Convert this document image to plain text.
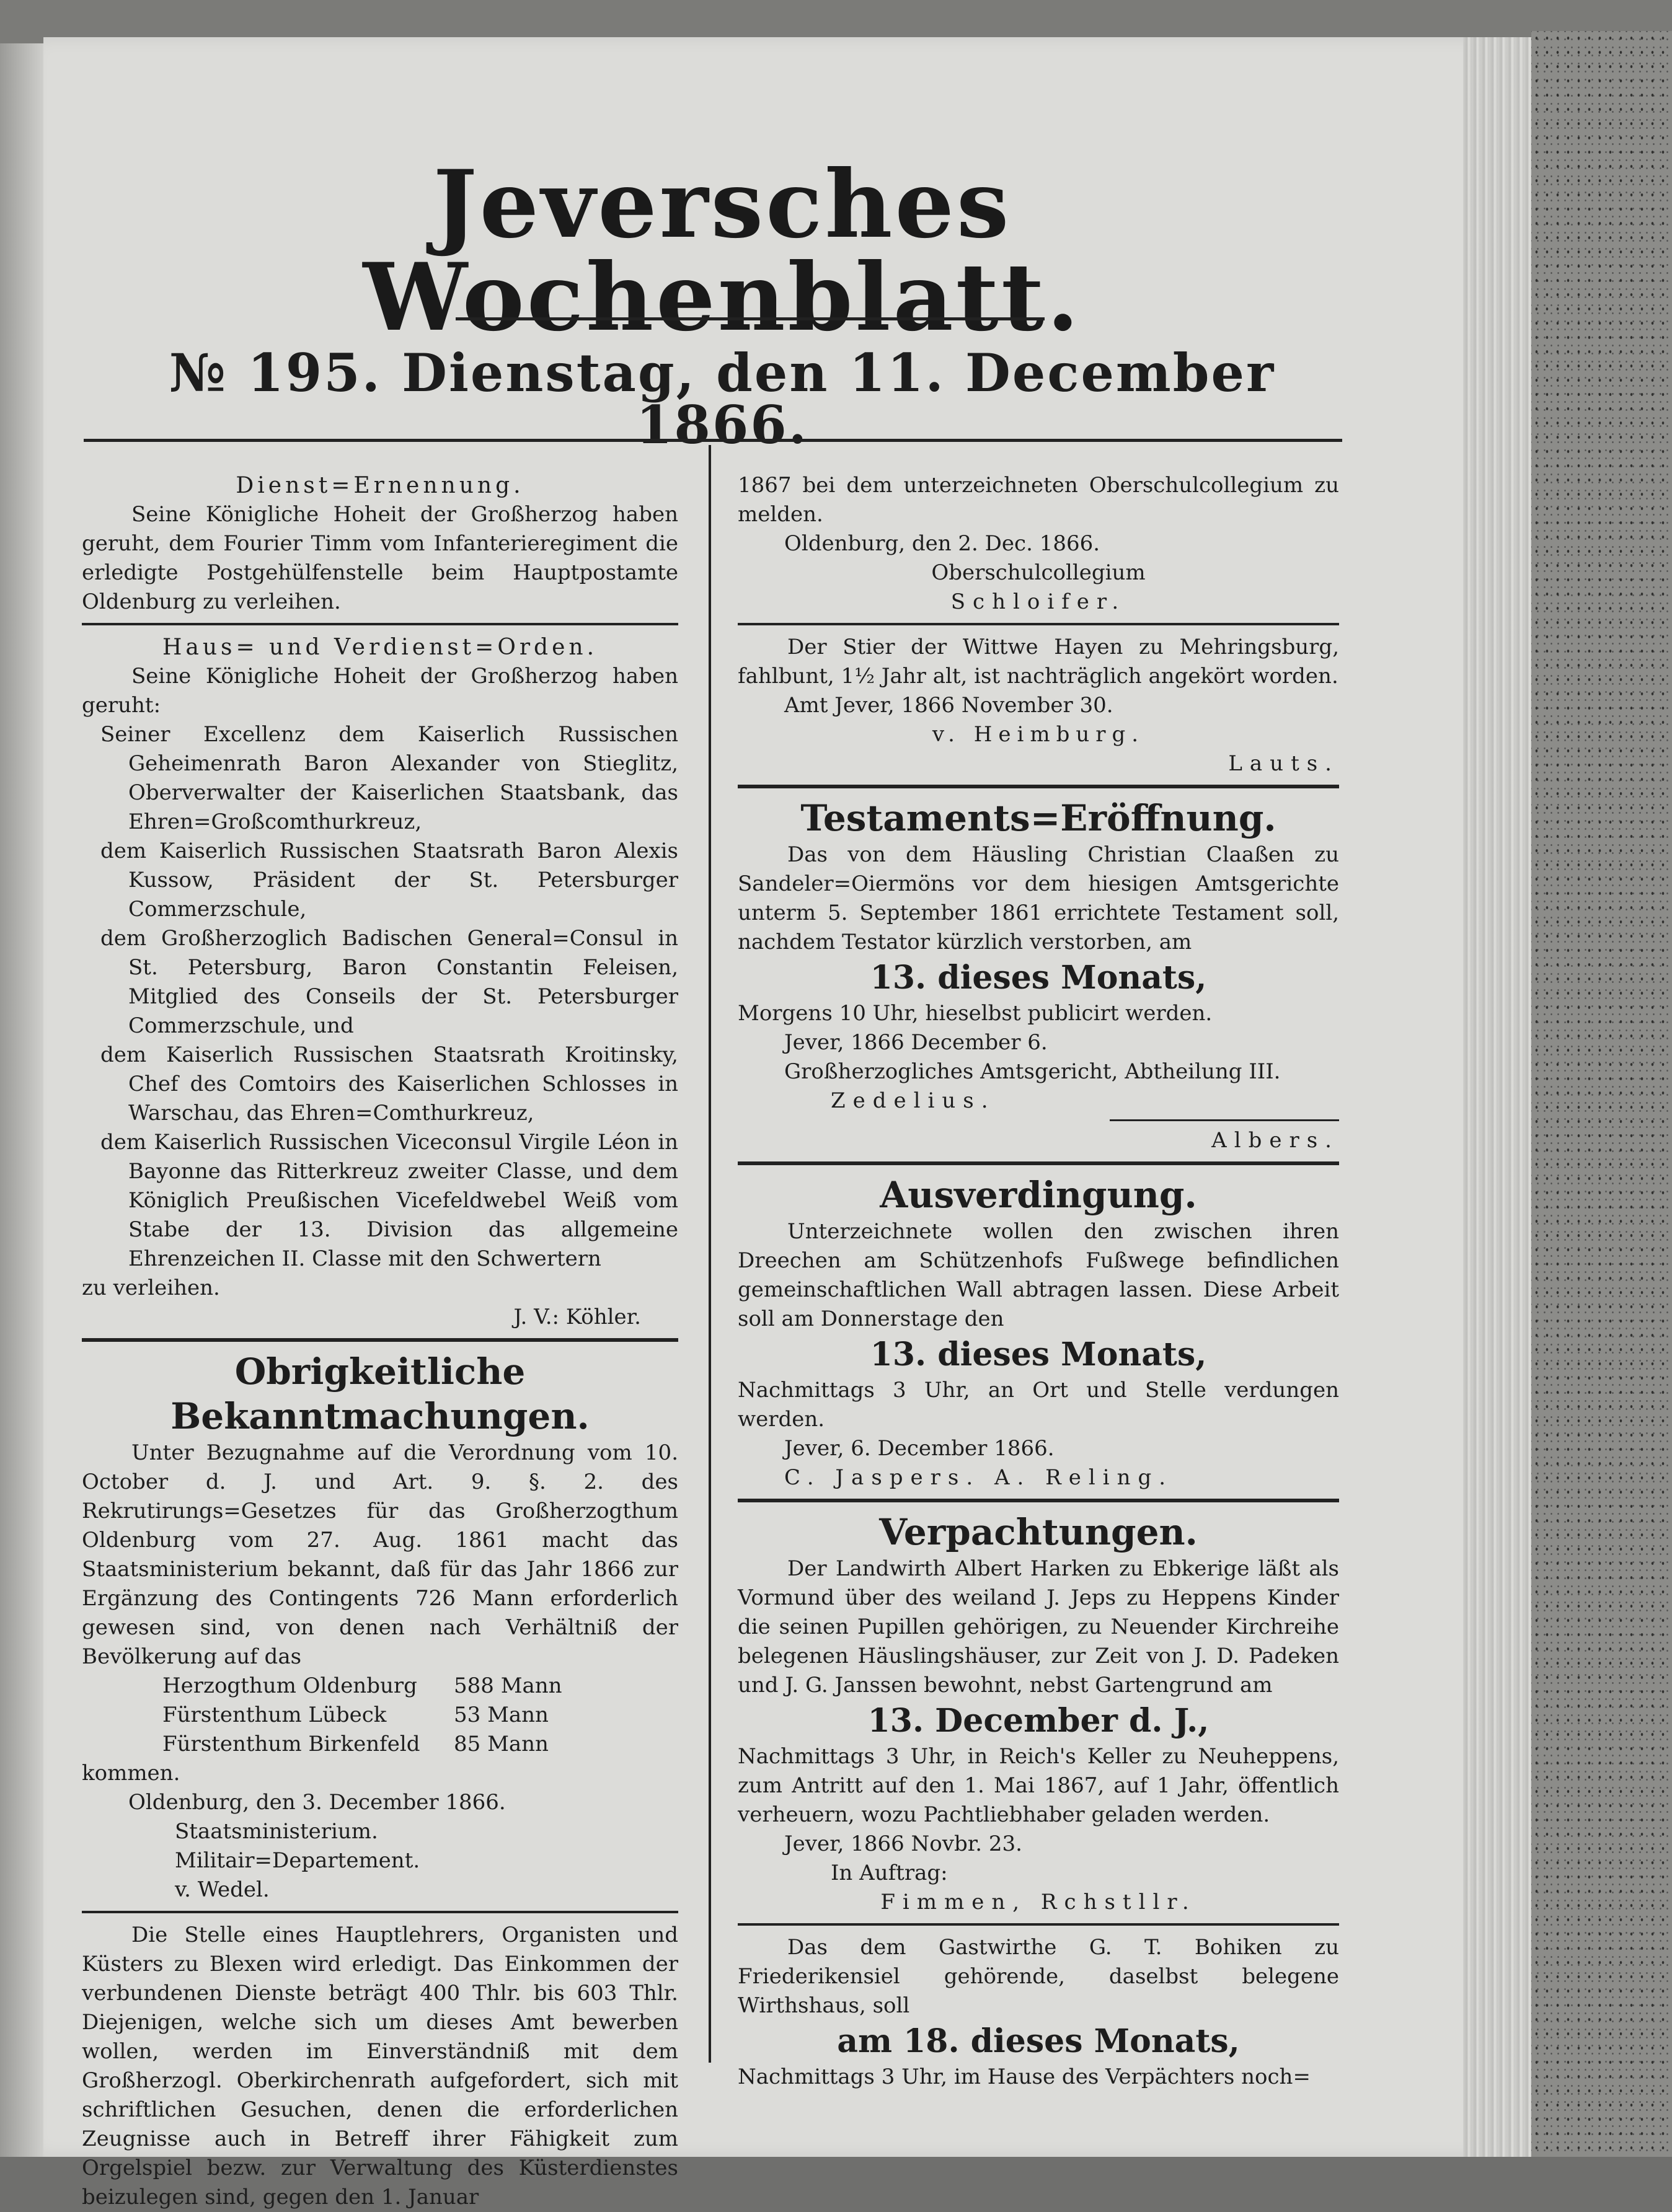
Jeversches Wochenblatt.
№ 195. Dienstag, den 11. December 1866.
Dienst=Ernennung.

Seine Königliche Hoheit der Großherzog haben geruht, dem Fourier Timm vom Infanterieregiment die erledigte Postgehülfenstelle beim Hauptpostamte Oldenburg zu verleihen.

Haus= und Verdienst=Orden.

Seine Königliche Hoheit der Großherzog haben geruht:

Seiner Excellenz dem Kaiserlich Russischen Geheimenrath Baron Alexander von Stieglitz, Oberverwalter der Kaiserlichen Staatsbank, das Ehren=Großcomthurkreuz,

dem Kaiserlich Russischen Staatsrath Baron Alexis Kussow, Präsident der St. Petersburger Commerzschule,

dem Großherzoglich Badischen General=Consul in St. Petersburg, Baron Constantin Feleisen, Mitglied des Conseils der St. Petersburger Commerzschule, und

dem Kaiserlich Russischen Staatsrath Kroitinsky, Chef des Comtoirs des Kaiserlichen Schlosses in Warschau, das Ehren=Comthurkreuz,

dem Kaiserlich Russischen Viceconsul Virgile Léon in Bayonne das Ritterkreuz zweiter Classe, und dem Königlich Preußischen Vicefeldwebel Weiß vom Stabe der 13. Division das allgemeine Ehrenzeichen II. Classe mit den Schwertern

zu verleihen.

J. V.: Köhler.

Obrigkeitliche Bekanntmachungen.

Unter Bezugnahme auf die Verordnung vom 10. October d. J. und Art. 9. §. 2. des Rekrutirungs=Gesetzes für das Großherzogthum Oldenburg vom 27. Aug. 1861 macht das Staatsministerium bekannt, daß für das Jahr 1866 zur Ergänzung des Contingents 726 Mann erforderlich gewesen sind, von denen nach Verhältniß der Bevölkerung auf das

Herzogthum Oldenburg	588 Mann
Fürstenthum Lübeck	53 Mann
Fürstenthum Birkenfeld	85 Mann

kommen.

Oldenburg, den 3. December 1866.

Staatsministerium.

Militair=Departement.

v. Wedel.

Die Stelle eines Hauptlehrers, Organisten und Küsters zu Blexen wird erledigt. Das Einkommen der verbundenen Dienste beträgt 400 Thlr. bis 603 Thlr. Diejenigen, welche sich um dieses Amt bewerben wollen, werden im Einverständniß mit dem Großherzogl. Oberkirchenrath aufgefordert, sich mit schriftlichen Gesuchen, denen die erforderlichen Zeugnisse auch in Betreff ihrer Fähigkeit zum Orgelspiel bezw. zur Verwaltung des Küsterdienstes beizulegen sind, gegen den 1. Januar

1867 bei dem unterzeichneten Oberschulcollegium zu melden.

Oldenburg, den 2. Dec. 1866.

Oberschulcollegium

Schloifer.

Der Stier der Wittwe Hayen zu Mehringsburg, fahlbunt, 1½ Jahr alt, ist nachträglich angekört worden.

Amt Jever, 1866 November 30.

v. Heimburg.

Lauts.

Testaments=Eröffnung.

Das von dem Häusling Christian Claaßen zu Sandeler=Oiermöns vor dem hiesigen Amtsgerichte unterm 5. September 1861 errichtete Testament soll, nachdem Testator kürzlich verstorben, am

13. dieses Monats,

Morgens 10 Uhr, hieselbst publicirt werden.

Jever, 1866 December 6.

Großherzogliches Amtsgericht, Abtheilung III.

Zedelius.

Albers.

Ausverdingung.

Unterzeichnete wollen den zwischen ihren Dreechen am Schützenhofs Fußwege befindlichen gemeinschaftlichen Wall abtragen lassen. Diese Arbeit soll am Donnerstage den

13. dieses Monats,

Nachmittags 3 Uhr, an Ort und Stelle verdungen werden.

Jever, 6. December 1866.

C. Jaspers. A. Reling.

Verpachtungen.

Der Landwirth Albert Harken zu Ebkerige läßt als Vormund über des weiland J. Jeps zu Heppens Kinder die seinen Pupillen gehörigen, zu Neuender Kirchreihe belegenen Häuslingshäuser, zur Zeit von J. D. Padeken und J. G. Janssen bewohnt, nebst Gartengrund am

13. December d. J.,

Nachmittags 3 Uhr, in Reich's Keller zu Neuheppens, zum Antritt auf den 1. Mai 1867, auf 1 Jahr, öffentlich verheuern, wozu Pachtliebhaber geladen werden.

Jever, 1866 Novbr. 23.

In Auftrag:

Fimmen, Rchstllr.

Das dem Gastwirthe G. T. Bohiken zu Friederikensiel gehörende, daselbst belegene Wirthshaus, soll

am 18. dieses Monats,

Nachmittags 3 Uhr, im Hause des Verpächters noch=
